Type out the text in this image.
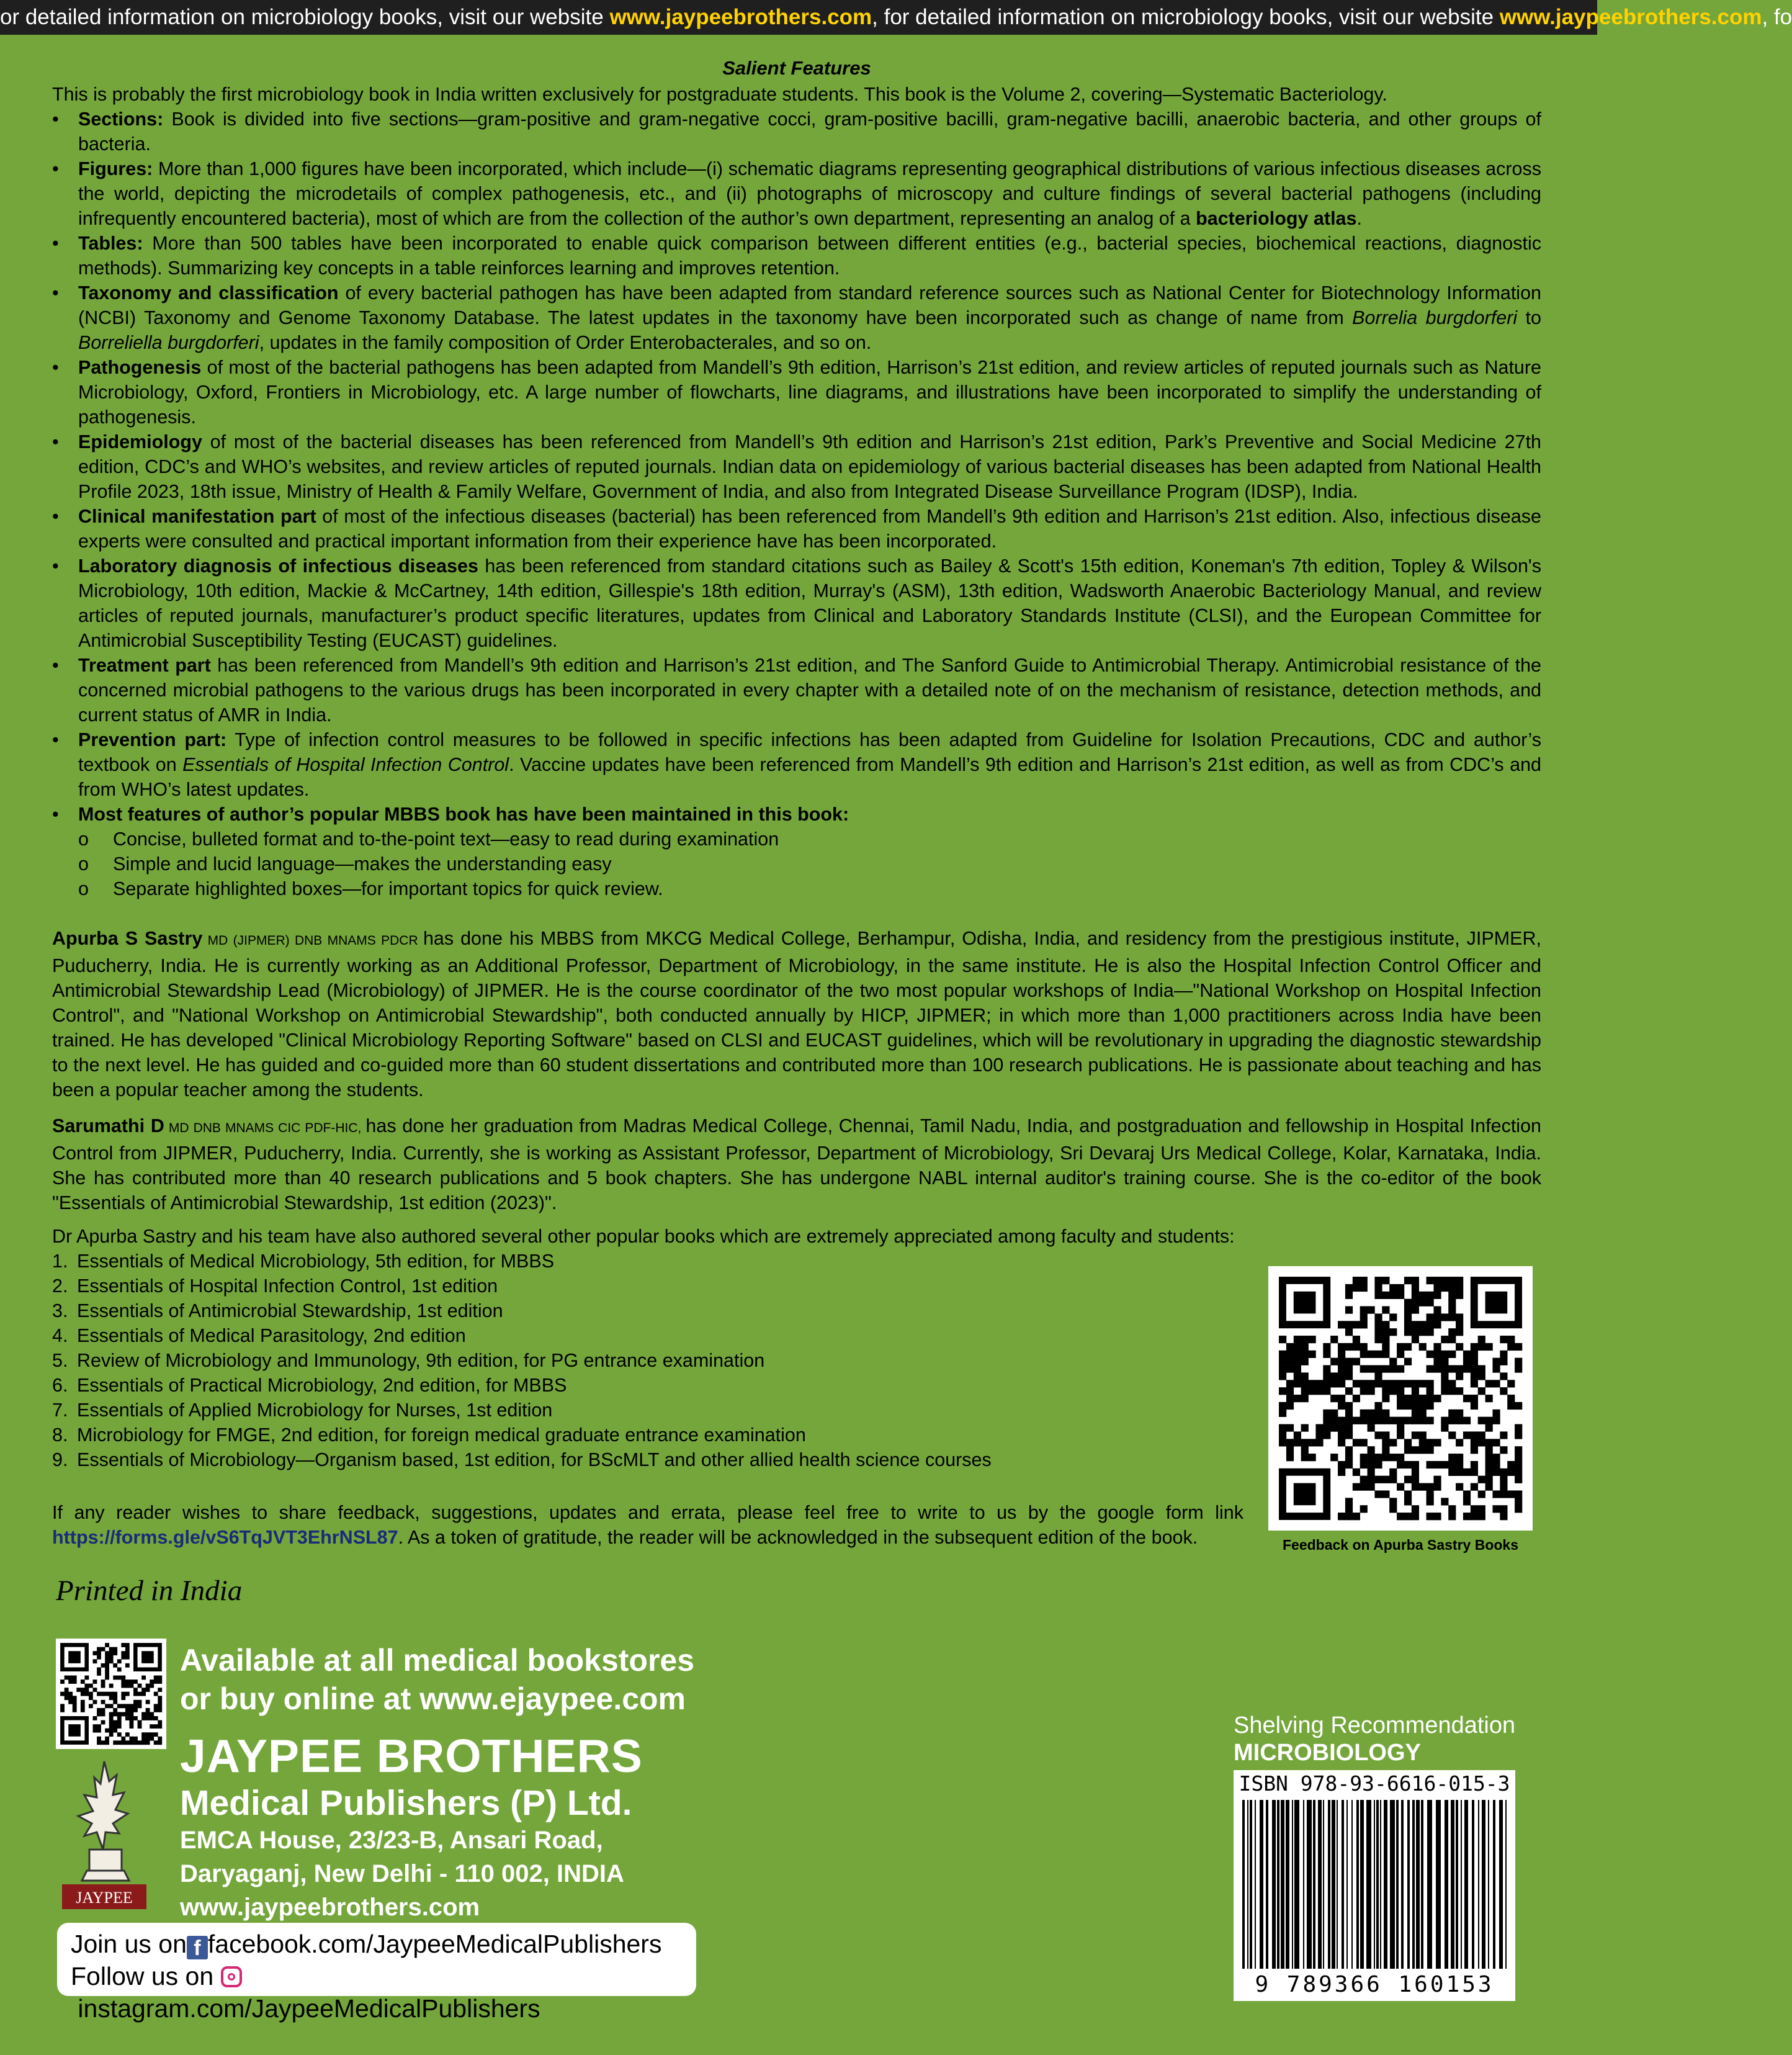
or detailed information on microbiology books, visit our website www.jaypeebrothers.com, for detailed information on microbiology books, visit our website www.jaypeebrothers.com, fo
Salient Features

This is probably the first microbiology book in India written exclusively for postgraduate students. This book is the Volume 2, covering—Systematic Bacteriology.

• Sections: Book is divided into five sections—gram-positive and gram-negative cocci, gram-positive bacilli, gram-negative bacilli, anaerobic bacteria, and other groups of bacteria.
• Figures: More than 1,000 figures have been incorporated, which include—(i) schematic diagrams representing geographical distributions of various infectious diseases across the world, depicting the microdetails of complex pathogenesis, etc., and (ii) photographs of microscopy and culture findings of several bacterial pathogens (including infrequently encountered bacteria), most of which are from the collection of the author’s own department, representing an analog of a bacteriology atlas.
• Tables: More than 500 tables have been incorporated to enable quick comparison between different entities (e.g., bacterial species, biochemical reactions, diagnostic methods). Summarizing key concepts in a table reinforces learning and improves retention.
• Taxonomy and classification of every bacterial pathogen has have been adapted from standard reference sources such as National Center for Biotechnology Information (NCBI) Taxonomy and Genome Taxonomy Database. The latest updates in the taxonomy have been incorporated such as change of name from Borrelia burgdorferi to Borreliella burgdorferi, updates in the family composition of Order Enterobacterales, and so on.
• Pathogenesis of most of the bacterial pathogens has been adapted from Mandell’s 9th edition, Harrison’s 21st edition, and review articles of reputed journals such as Nature Microbiology, Oxford, Frontiers in Microbiology, etc. A large number of flowcharts, line diagrams, and illustrations have been incorporated to simplify the understanding of pathogenesis.
• Epidemiology of most of the bacterial diseases has been referenced from Mandell’s 9th edition and Harrison’s 21st edition, Park’s Preventive and Social Medicine 27th edition, CDC’s and WHO’s websites, and review articles of reputed journals. Indian data on epidemiology of various bacterial diseases has been adapted from National Health Profile 2023, 18th issue, Ministry of Health & Family Welfare, Government of India, and also from Integrated Disease Surveillance Program (IDSP), India.
• Clinical manifestation part of most of the infectious diseases (bacterial) has been referenced from Mandell’s 9th edition and Harrison’s 21st edition. Also, infectious disease experts were consulted and practical important information from their experience have has been incorporated.
• Laboratory diagnosis of infectious diseases has been referenced from standard citations such as Bailey & Scott's 15th edition, Koneman's 7th edition, Topley & Wilson's Microbiology, 10th edition, Mackie & McCartney, 14th edition, Gillespie's 18th edition, Murray's (ASM), 13th edition, Wadsworth Anaerobic Bacteriology Manual, and review articles of reputed journals, manufacturer’s product specific literatures, updates from Clinical and Laboratory Standards Institute (CLSI), and the European Committee for Antimicrobial Susceptibility Testing (EUCAST) guidelines.
• Treatment part has been referenced from Mandell’s 9th edition and Harrison’s 21st edition, and The Sanford Guide to Antimicrobial Therapy. Antimicrobial resistance of the concerned microbial pathogens to the various drugs has been incorporated in every chapter with a detailed note of on the mechanism of resistance, detection methods, and current status of AMR in India.
• Prevention part: Type of infection control measures to be followed in specific infections has been adapted from Guideline for Isolation Precautions, CDC and author’s textbook on Essentials of Hospital Infection Control. Vaccine updates have been referenced from Mandell’s 9th edition and Harrison’s 21st edition, as well as from CDC’s and from WHO’s latest updates.
• Most features of author’s popular MBBS book has have been maintained in this book:
o Concise, bulleted format and to-the-point text—easy to read during examination
o Simple and lucid language—makes the understanding easy
o Separate highlighted boxes—for important topics for quick review.

Apurba S Sastry MD (JIPMER) DNB MNAMS PDCR has done his MBBS from MKCG Medical College, Berhampur, Odisha, India, and residency from the prestigious institute, JIPMER, Puducherry, India. He is currently working as an Additional Professor, Department of Microbiology, in the same institute. He is also the Hospital Infection Control Officer and Antimicrobial Stewardship Lead (Microbiology) of JIPMER. He is the course coordinator of the two most popular workshops of India—"National Workshop on Hospital Infection Control", and "National Workshop on Antimicrobial Stewardship", both conducted annually by HICP, JIPMER; in which more than 1,000 practitioners across India have been trained. He has developed "Clinical Microbiology Reporting Software" based on CLSI and EUCAST guidelines, which will be revolutionary in upgrading the diagnostic stewardship to the next level. He has guided and co-guided more than 60 student dissertations and contributed more than 100 research publications. He is passionate about teaching and has been a popular teacher among the students.

Sarumathi D MD DNB MNAMS CIC PDF-HIC, has done her graduation from Madras Medical College, Chennai, Tamil Nadu, India, and postgraduation and fellowship in Hospital Infection Control from JIPMER, Puducherry, India. Currently, she is working as Assistant Professor, Department of Microbiology, Sri Devaraj Urs Medical College, Kolar, Karnataka, India. She has contributed more than 40 research publications and 5 book chapters. She has undergone NABL internal auditor's training course. She is the co-editor of the book "Essentials of Antimicrobial Stewardship, 1st edition (2023)".

Dr Apurba Sastry and his team have also authored several other popular books which are extremely appreciated among faculty and students:

1. Essentials of Medical Microbiology, 5th edition, for MBBS
2. Essentials of Hospital Infection Control, 1st edition
3. Essentials of Antimicrobial Stewardship, 1st edition
4. Essentials of Medical Parasitology, 2nd edition
5. Review of Microbiology and Immunology, 9th edition, for PG entrance examination
6. Essentials of Practical Microbiology, 2nd edition, for MBBS
7. Essentials of Applied Microbiology for Nurses, 1st edition
8. Microbiology for FMGE, 2nd edition, for foreign medical graduate entrance examination
9. Essentials of Microbiology—Organism based, 1st edition, for BScMLT and other allied health science courses

If any reader wishes to share feedback, suggestions, updates and errata, please feel free to write to us by the google form link https://forms.gle/vS6TqJVT3EhrNSL87. As a token of gratitude, the reader will be acknowledged in the subsequent edition of the book.	Feedback on Apurba Sastry Books
Printed in India
Available at all medical bookstores
or buy online at www.ejaypee.com
JAYPEE
JAYPEE BROTHERS
Medical Publishers (P) Ltd.
EMCA House, 23/23-B, Ansari Road,
Daryaganj, New Delhi - 110 002, INDIA
www.jaypeebrothers.com
Join us on f facebook.com/JaypeeMedicalPublishers
Follow us on  instagram.com/JaypeeMedicalPublishers
Shelving Recommendation
MICROBIOLOGY
ISBN 978-93-6616-015-3
9 789366 160153
